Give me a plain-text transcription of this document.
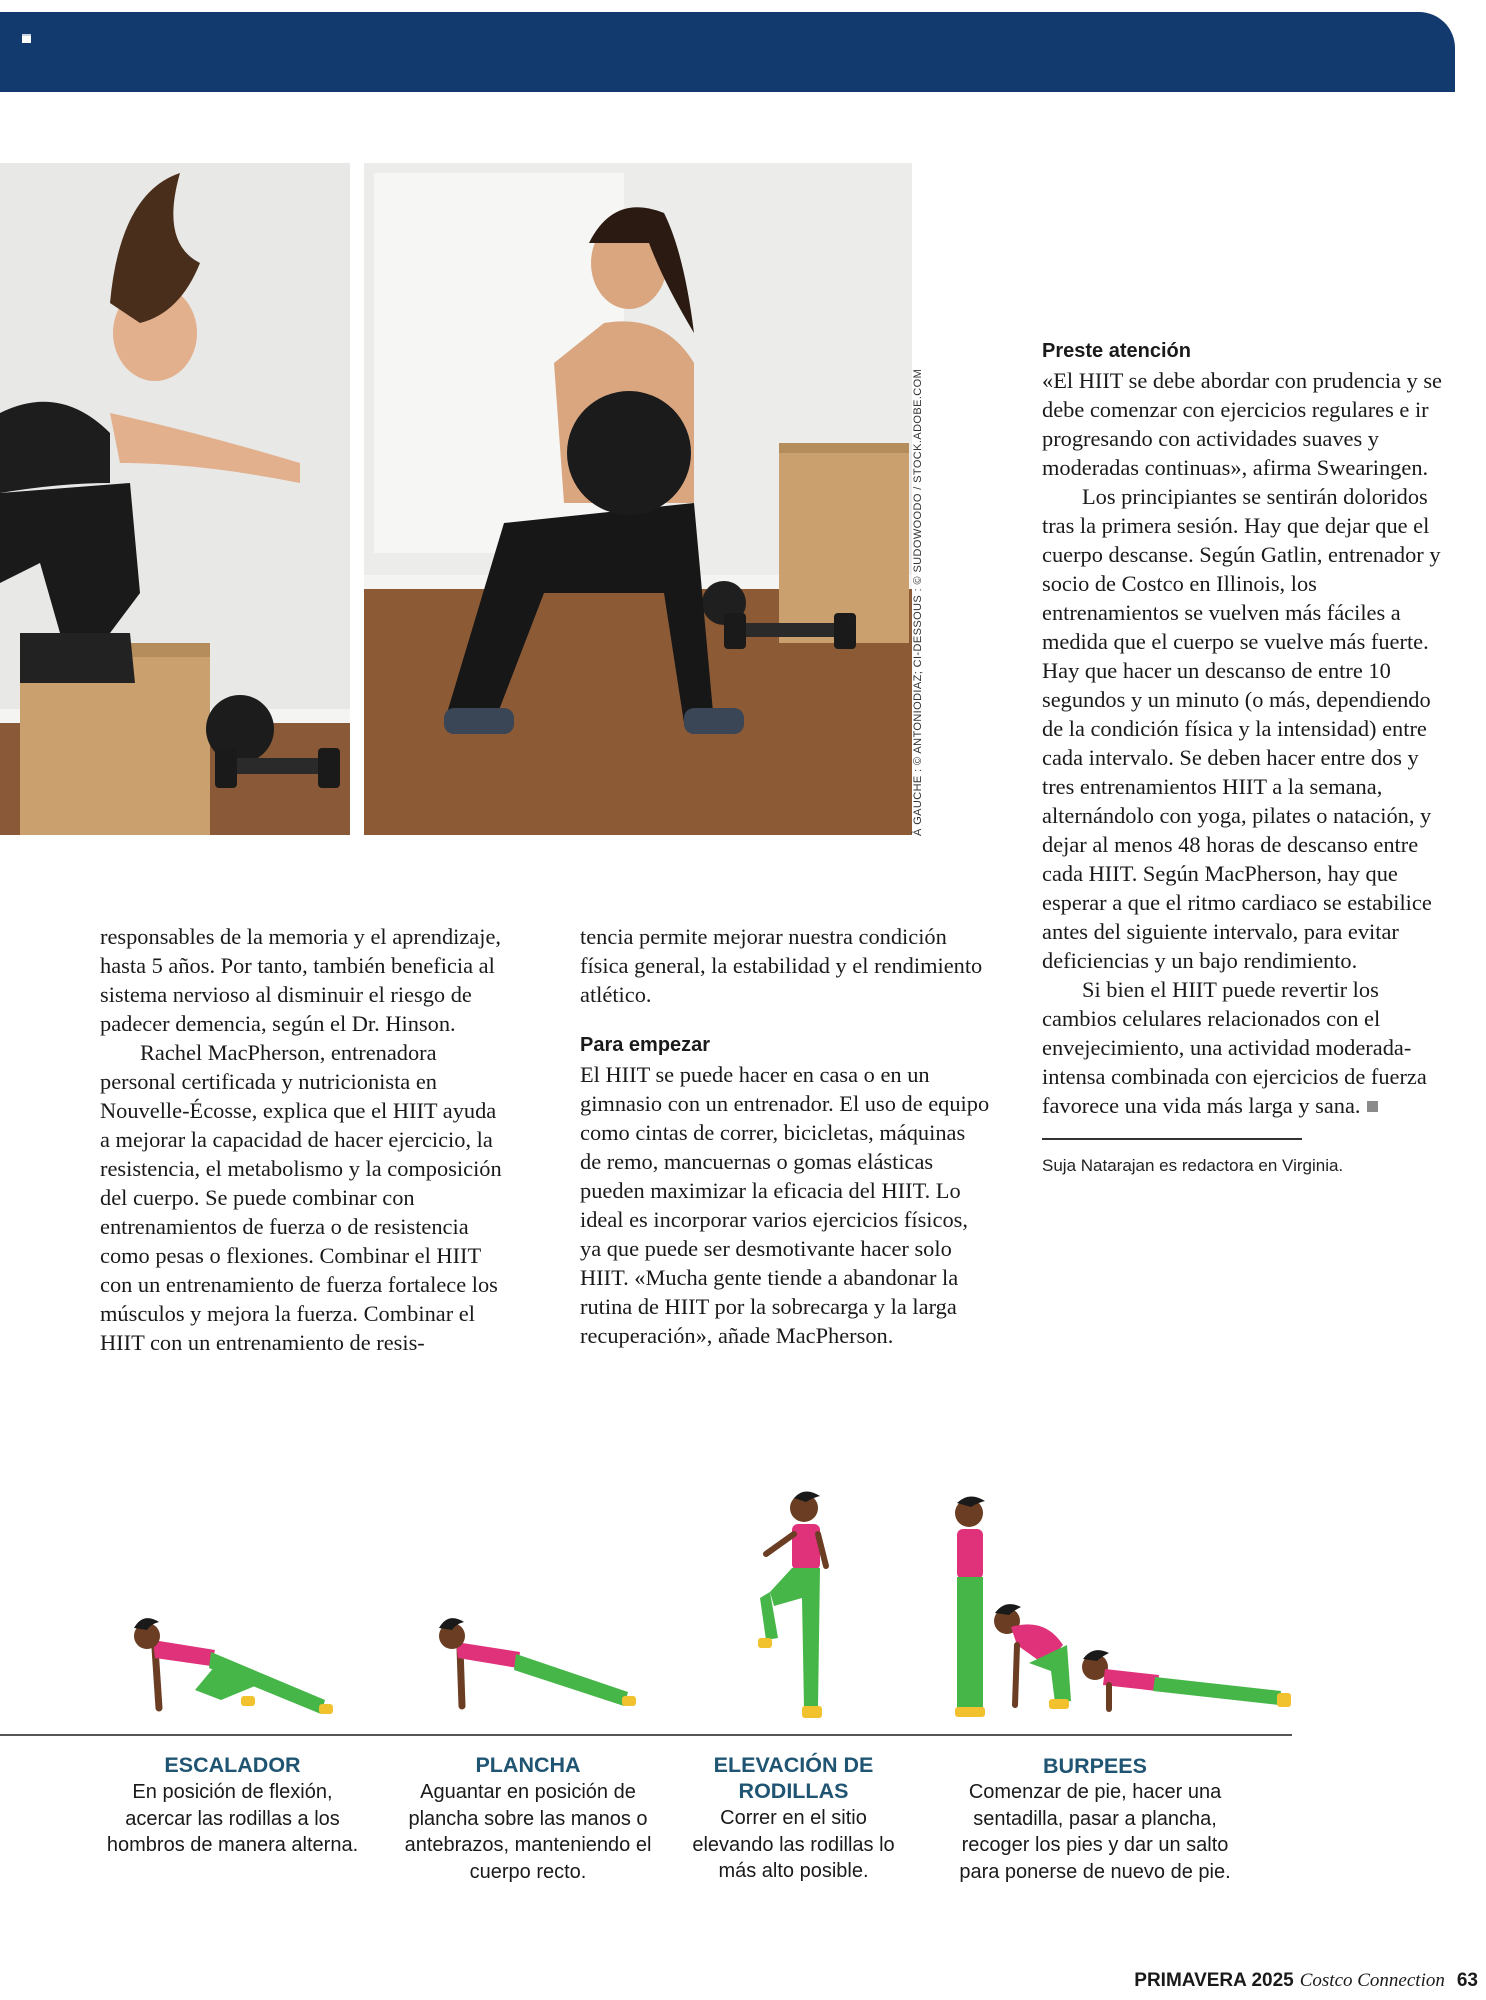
À GAUCHE : © ANTONIODIAZ; CI-DESSOUS : © SUDOWOODO / STOCK.ADOBE.COM

responsables de la memoria y el aprendizaje, hasta 5 años. Por tanto, también beneficia al sistema nervioso al disminuir el riesgo de padecer demencia, según el Dr. Hinson.

Rachel MacPherson, entrenadora personal certificada y nutricionista en Nouvelle-Écosse, explica que el HIIT ayuda a mejorar la capacidad de hacer ejercicio, la resistencia, el metabolismo y la composición del cuerpo. Se puede combinar con entrenamientos de fuerza o de resistencia como pesas o flexiones. Combinar el HIIT con un entrenamiento de fuerza fortalece los músculos y mejora la fuerza. Combinar el HIIT con un entrenamiento de resis-

tencia permite mejorar nuestra condición física general, la estabilidad y el rendimiento atlético.

Para empezar

El HIIT se puede hacer en casa o en un gimnasio con un entrenador. El uso de equipo como cintas de correr, bicicletas, máquinas de remo, mancuernas o gomas elásticas pueden maximizar la eficacia del HIIT. Lo ideal es incorporar varios ejercicios físicos, ya que puede ser desmotivante hacer solo HIIT. «Mucha gente tiende a abandonar la rutina de HIIT por la sobrecarga y la larga recuperación», añade MacPherson.

Preste atención

«El HIIT se debe abordar con prudencia y se debe comenzar con ejercicios regulares e ir progresando con actividades suaves y moderadas continuas», afirma Swearingen.

Los principiantes se sentirán doloridos tras la primera sesión. Hay que dejar que el cuerpo descanse. Según Gatlin, entrenador y socio de Costco en Illinois, los entrenamientos se vuelven más fáciles a medida que el cuerpo se vuelve más fuerte. Hay que hacer un descanso de entre 10 segundos y un minuto (o más, dependiendo de la condición física y la intensidad) entre cada intervalo. Se deben hacer entre dos y tres entrenamientos HIIT a la semana, alternándolo con yoga, pilates o natación, y dejar al menos 48 horas de descanso entre cada HIIT. Según MacPherson, hay que esperar a que el ritmo cardiaco se estabilice antes del siguiente intervalo, para evitar deficiencias y un bajo rendimiento.

Si bien el HIIT puede revertir los cambios celulares relacionados con el envejecimiento, una actividad moderada-intensa combinada con ejercicios de fuerza favorece una vida más larga y sana.

Suja Natarajan es redactora en Virginia.
ESCALADOR
En posición de flexión, acercar las rodillas a los hombros de manera alterna.
PLANCHA
Aguantar en posición de plancha sobre las manos o antebrazos, manteniendo el cuerpo recto.
ELEVACIÓN DE RODILLAS
Correr en el sitio elevando las rodillas lo más alto posible.
BURPEES
Comenzar de pie, hacer una sentadilla, pasar a plancha, recoger los pies y dar un salto para ponerse de nuevo de pie.
PRIMAVERA 2025 Costco Connection 63
